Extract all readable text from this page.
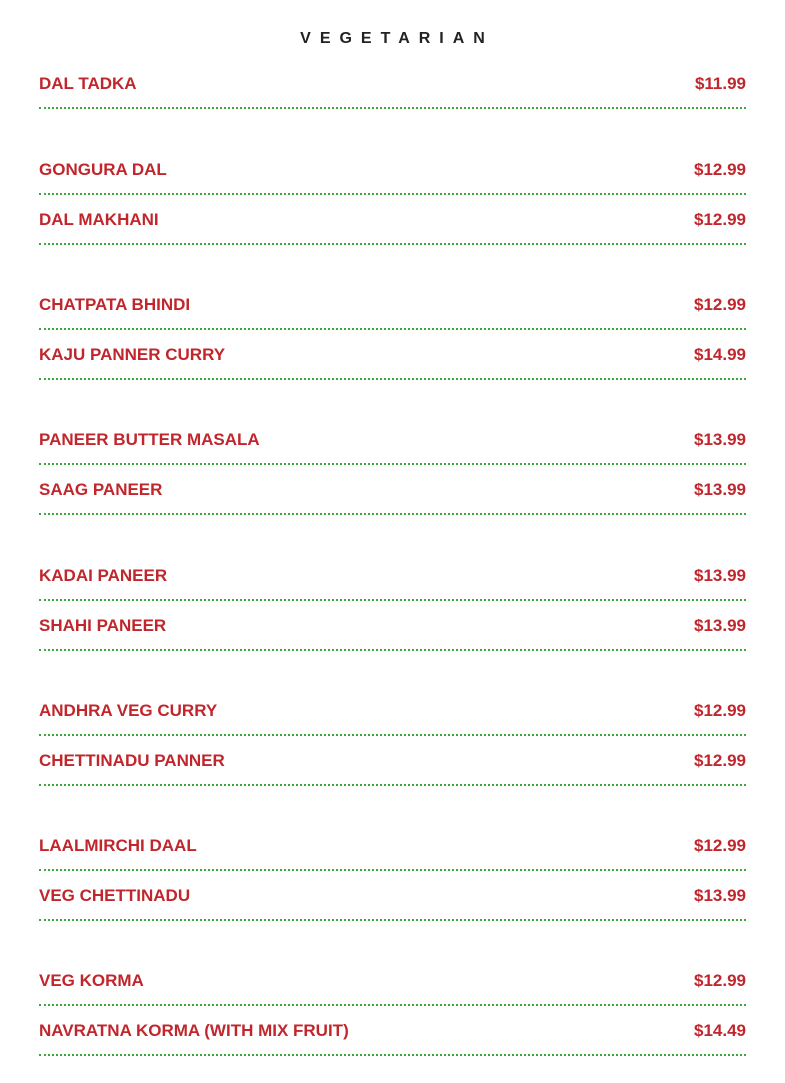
VEGETARIAN
DAL TADKA	$11.99
GONGURA DAL	$12.99
DAL MAKHANI	$12.99
CHATPATA BHINDI	$12.99
KAJU PANNER CURRY	$14.99
PANEER BUTTER MASALA	$13.99
SAAG PANEER	$13.99
KADAI PANEER	$13.99
SHAHI PANEER	$13.99
ANDHRA VEG CURRY	$12.99
CHETTINADU PANNER	$12.99
LAALMIRCHI DAAL	$12.99
VEG CHETTINADU	$13.99
VEG KORMA	$12.99
NAVRATNA KORMA (WITH MIX FRUIT)	$14.49
